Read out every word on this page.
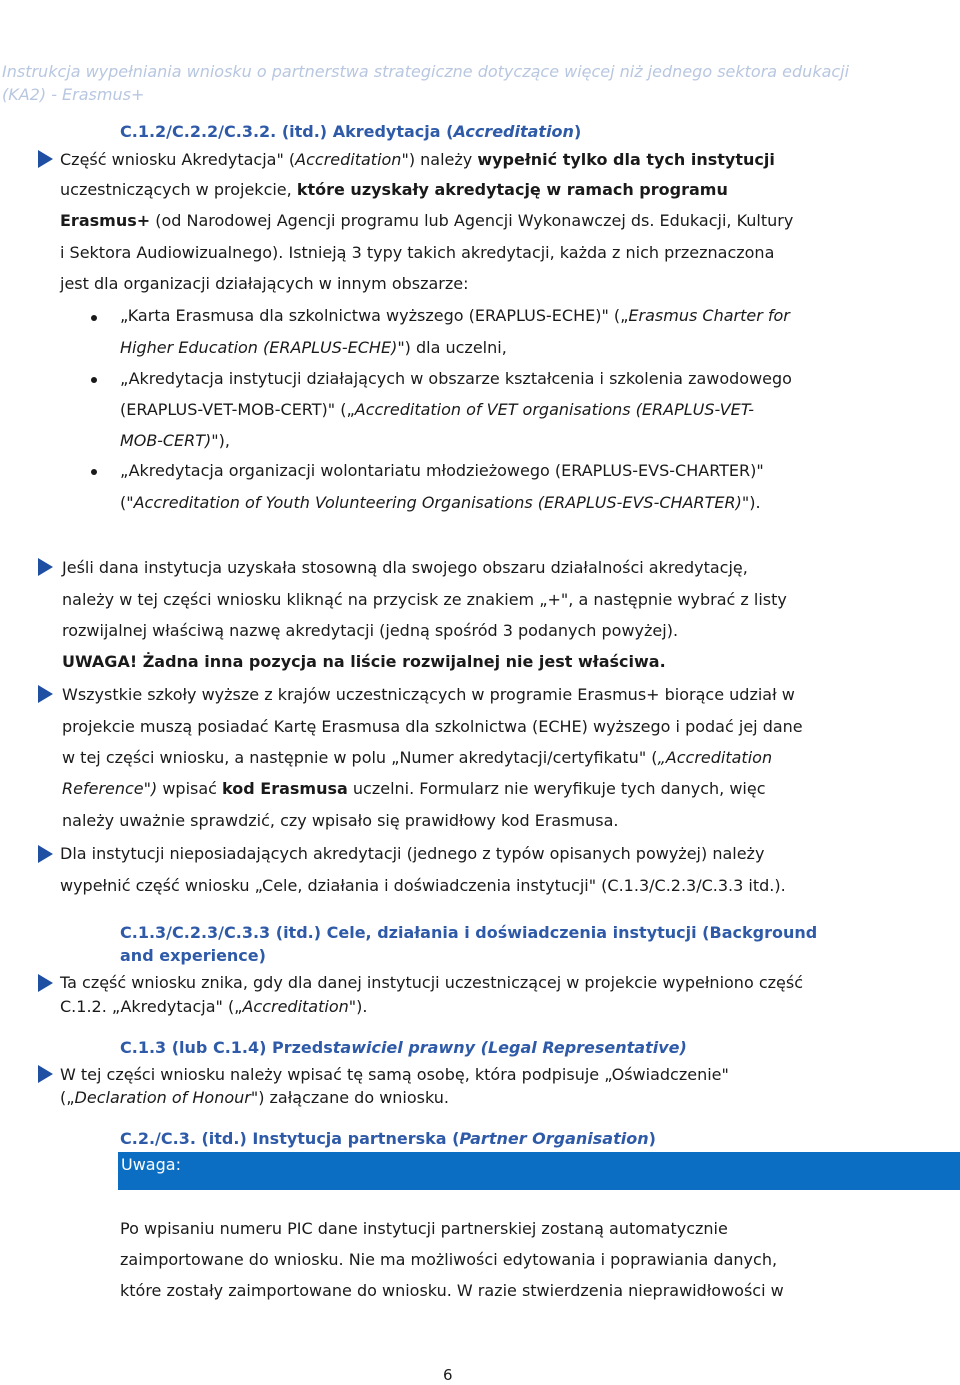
Instrukcja wypełniania wniosku o partnerstwa strategiczne dotyczące więcej niż jednego sektora edukacji
(KA2) - Erasmus+
C.1.2/C.2.2/C.3.2. (itd.) Akredytacja (Accreditation)
Część wniosku Akredytacja" (Accreditation") należy wypełnić tylko dla tych instytucji
uczestniczących w projekcie, które uzyskały akredytację w ramach programu
Erasmus+ (od Narodowej Agencji programu lub Agencji Wykonawczej ds. Edukacji, Kultury
i Sektora Audiowizualnego). Istnieją 3 typy takich akredytacji, każda z nich przeznaczona
jest dla organizacji działających w innym obszarze:
„Karta Erasmusa dla szkolnictwa wyższego (ERAPLUS-ECHE)" („Erasmus Charter for
Higher Education (ERAPLUS-ECHE)") dla uczelni,
„Akredytacja instytucji działających w obszarze kształcenia i szkolenia zawodowego
(ERAPLUS-VET-MOB-CERT)" („Accreditation of VET organisations (ERAPLUS-VET-
MOB-CERT)"),
„Akredytacja organizacji wolontariatu młodzieżowego (ERAPLUS-EVS-CHARTER)"
("Accreditation of Youth Volunteering Organisations (ERAPLUS-EVS-CHARTER)").
Jeśli dana instytucja uzyskała stosowną dla swojego obszaru działalności akredytację,
należy w tej części wniosku kliknąć na przycisk ze znakiem „+", a następnie wybrać z listy
rozwijalnej właściwą nazwę akredytacji (jedną spośród 3 podanych powyżej).
UWAGA! Żadna inna pozycja na liście rozwijalnej nie jest właściwa.
Wszystkie szkoły wyższe z krajów uczestniczących w programie Erasmus+ biorące udział w
projekcie muszą posiadać Kartę Erasmusa dla szkolnictwa (ECHE) wyższego i podać jej dane
w tej części wniosku, a następnie w polu „Numer akredytacji/certyfikatu" („Accreditation
Reference") wpisać kod Erasmusa uczelni. Formularz nie weryfikuje tych danych, więc
należy uważnie sprawdzić, czy wpisało się prawidłowy kod Erasmusa.
Dla instytucji nieposiadających akredytacji (jednego z typów opisanych powyżej) należy
wypełnić część wniosku „Cele, działania i doświadczenia instytucji" (C.1.3/C.2.3/C.3.3 itd.).
C.1.3/C.2.3/C.3.3 (itd.) Cele, działania i doświadczenia instytucji (Background
and experience)
Ta część wniosku znika, gdy dla danej instytucji uczestniczącej w projekcie wypełniono część
C.1.2. „Akredytacja" („Accreditation").
C.1.3 (lub C.1.4) Przedstawiciel prawny (Legal Representative)
W tej części wniosku należy wpisać tę samą osobę, która podpisuje „Oświadczenie"
(„Declaration of Honour") załączane do wniosku.
C.2./C.3. (itd.) Instytucja partnerska (Partner Organisation)
Uwaga:
Po wpisaniu numeru PIC dane instytucji partnerskiej zostaną automatycznie
zaimportowane do wniosku. Nie ma możliwości edytowania i poprawiania danych,
które zostały zaimportowane do wniosku. W razie stwierdzenia nieprawidłowości w
6
